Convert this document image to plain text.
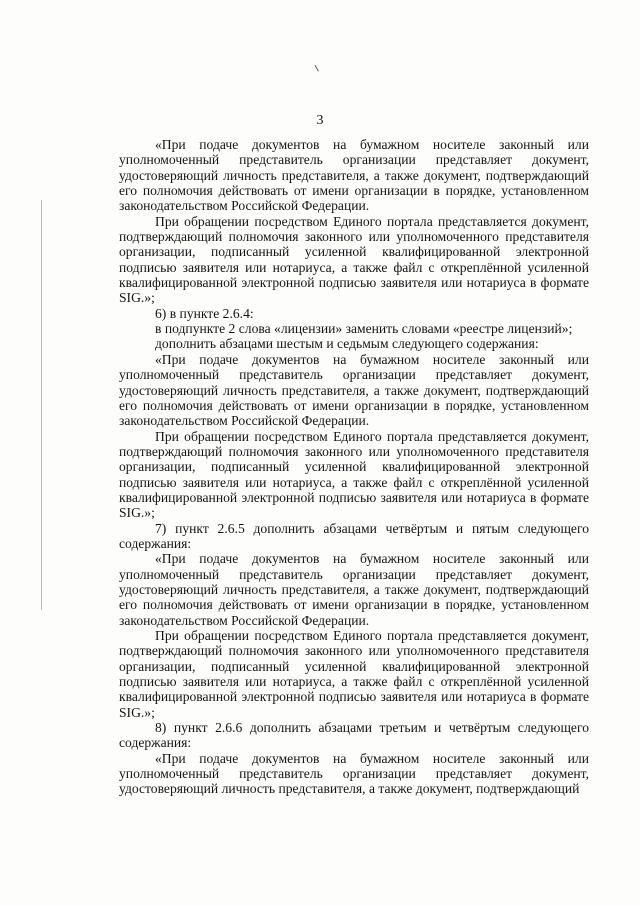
3

«При подаче документов на бумажном носителе законный или уполномоченный представитель организации представляет документ, удостоверяющий личность представителя, а также документ, подтверждающий его полномочия действовать от имени организации в порядке, установленном законодательством Российской Федерации.

При обращении посредством Единого портала представляется документ, подтверждающий полномочия законного или уполномоченного представителя организации, подписанный усиленной квалифицированной электронной подписью заявителя или нотариуса, а также файл с откреплённой усиленной квалифицированной электронной подписью заявителя или нотариуса в формате SIG.»;

6) в пункте 2.6.4:

в подпункте 2 слова «лицензии» заменить словами «реестре лицензий»;

дополнить абзацами шестым и седьмым следующего содержания:

«При подаче документов на бумажном носителе законный или уполномоченный представитель организации представляет документ, удостоверяющий личность представителя, а также документ, подтверждающий его полномочия действовать от имени организации в порядке, установленном законодательством Российской Федерации.

При обращении посредством Единого портала представляется документ, подтверждающий полномочия законного или уполномоченного представителя организации, подписанный усиленной квалифицированной электронной подписью заявителя или нотариуса, а также файл с откреплённой усиленной квалифицированной электронной подписью заявителя или нотариуса в формате SIG.»;

7) пункт 2.6.5 дополнить абзацами четвёртым и пятым следующего содержания:

«При подаче документов на бумажном носителе законный или уполномоченный представитель организации представляет документ, удостоверяющий личность представителя, а также документ, подтверждающий его полномочия действовать от имени организации в порядке, установленном законодательством Российской Федерации.

При обращении посредством Единого портала представляется документ, подтверждающий полномочия законного или уполномоченного представителя организации, подписанный усиленной квалифицированной электронной подписью заявителя или нотариуса, а также файл с откреплённой усиленной квалифицированной электронной подписью заявителя или нотариуса в формате SIG.»;

8) пункт 2.6.6 дополнить абзацами третьим и четвёртым следующего содержания:

«При подаче документов на бумажном носителе законный или уполномоченный представитель организации представляет документ, удостоверяющий личность представителя, а также документ, подтверждающий
